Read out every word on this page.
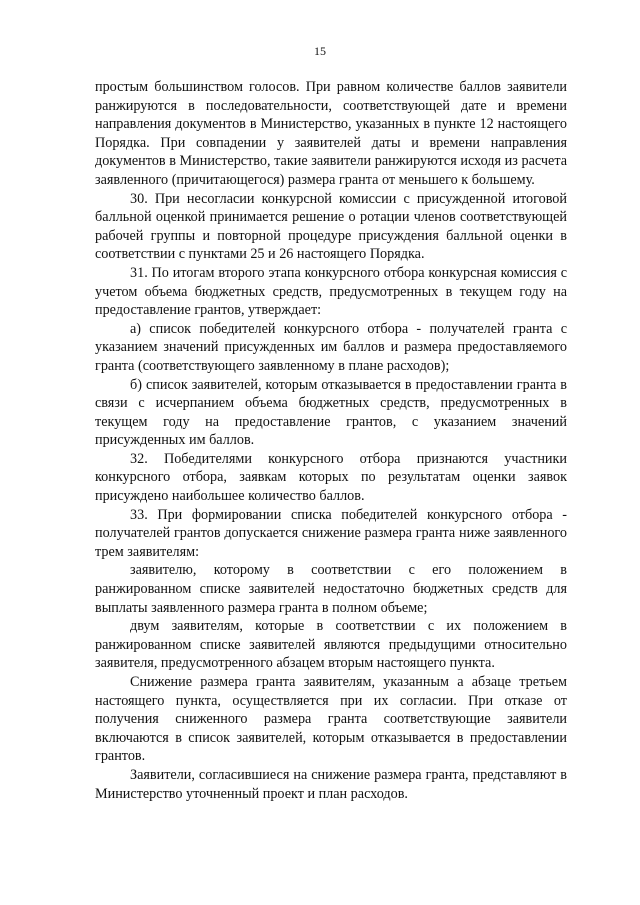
15

простым большинством голосов. При равном количестве баллов заявители ранжируются в последовательности, соответствующей дате и времени направления документов в Министерство, указанных в пункте 12 настоящего Порядка. При совпадении у заявителей даты и времени направления документов в Министерство, такие заявители ранжируются исходя из расчета заявленного (причитающегося) размера гранта от меньшего к большему.

30. При несогласии конкурсной комиссии с присужденной итоговой балльной оценкой принимается решение о ротации членов соответствующей рабочей группы и повторной процедуре присуждения балльной оценки в соответствии с пунктами 25 и 26 настоящего Порядка.

31. По итогам второго этапа конкурсного отбора конкурсная комиссия с учетом объема бюджетных средств, предусмотренных в текущем году на предоставление грантов, утверждает:

а) список победителей конкурсного отбора - получателей гранта с указанием значений присужденных им баллов и размера предоставляемого гранта (соответствующего заявленному в плане расходов);

б) список заявителей, которым отказывается в предоставлении гранта в связи с исчерпанием объема бюджетных средств, предусмотренных в текущем году на предоставление грантов, с указанием значений присужденных им баллов.

32. Победителями конкурсного отбора признаются участники конкурсного отбора, заявкам которых по результатам оценки заявок присуждено наибольшее количество баллов.

33. При формировании списка победителей конкурсного отбора - получателей грантов допускается снижение размера гранта ниже заявленного трем заявителям:

заявителю, которому в соответствии с его положением в ранжированном списке заявителей недостаточно бюджетных средств для выплаты заявленного размера гранта в полном объеме;

двум заявителям, которые в соответствии с их положением в ранжированном списке заявителей являются предыдущими относительно заявителя, предусмотренного абзацем вторым настоящего пункта.

Снижение размера гранта заявителям, указанным а абзаце третьем настоящего пункта, осуществляется при их согласии. При отказе от получения сниженного размера гранта соответствующие заявители включаются в список заявителей, которым отказывается в предоставлении грантов.

Заявители, согласившиеся на снижение размера гранта, представляют в Министерство уточненный проект и план расходов.
